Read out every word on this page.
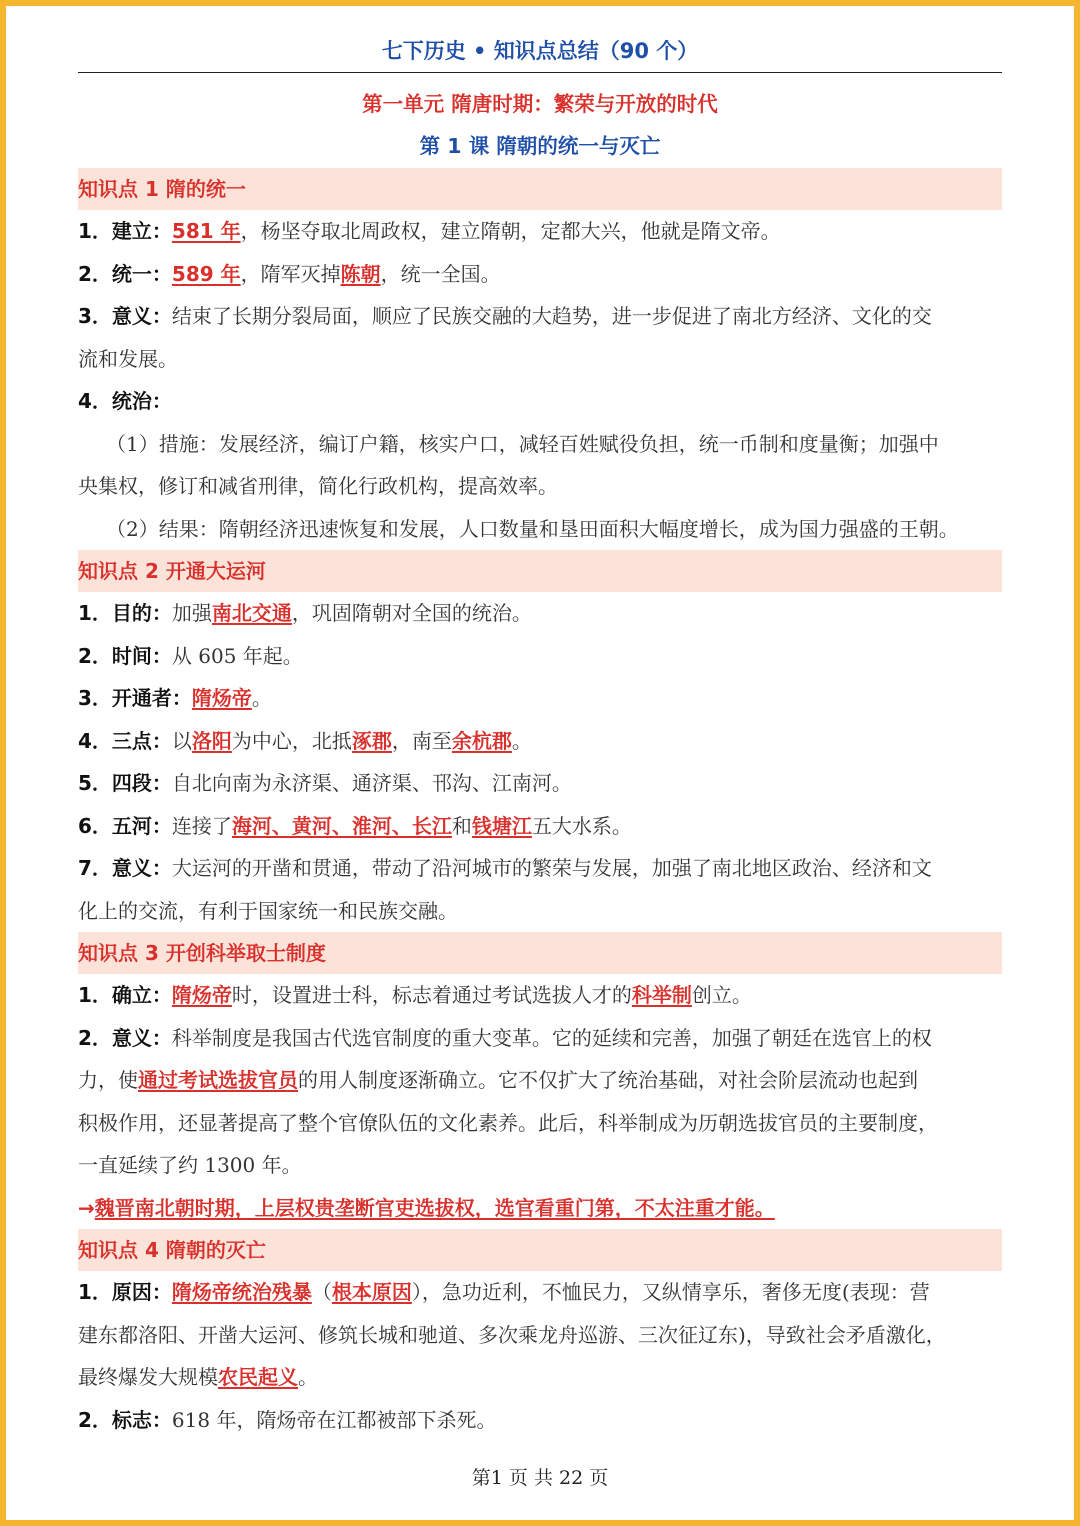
七下历史 • 知识点总结（90 个）
第一单元 隋唐时期：繁荣与开放的时代
第 1 课 隋朝的统一与灭亡
知识点 1 隋的统一
1．建立：581 年，杨坚夺取北周政权，建立隋朝，定都大兴，他就是隋文帝。
2．统一：589 年，隋军灭掉陈朝，统一全国。
3．意义：结束了长期分裂局面，顺应了民族交融的大趋势，进一步促进了南北方经济、文化的交
流和发展。
4．统治：
（1）措施：发展经济，编订户籍，核实户口，减轻百姓赋役负担，统一币制和度量衡；加强中
央集权，修订和减省刑律，简化行政机构，提高效率。
（2）结果：隋朝经济迅速恢复和发展，人口数量和垦田面积大幅度增长，成为国力强盛的王朝。
知识点 2 开通大运河
1．目的：加强南北交通，巩固隋朝对全国的统治。
2．时间：从 605 年起。
3．开通者：隋炀帝。
4．三点：以洛阳为中心，北抵涿郡，南至余杭郡。
5．四段：自北向南为永济渠、通济渠、邗沟、江南河。
6．五河：连接了海河、黄河、淮河、长江和钱塘江五大水系。
7．意义：大运河的开凿和贯通，带动了沿河城市的繁荣与发展，加强了南北地区政治、经济和文
化上的交流，有利于国家统一和民族交融。
知识点 3 开创科举取士制度
1．确立：隋炀帝时，设置进士科，标志着通过考试选拔人才的科举制创立。
2．意义：科举制度是我国古代选官制度的重大变革。它的延续和完善，加强了朝廷在选官上的权
力，使通过考试选拔官员的用人制度逐渐确立。它不仅扩大了统治基础，对社会阶层流动也起到
积极作用，还显著提高了整个官僚队伍的文化素养。此后，科举制成为历朝选拔官员的主要制度，
一直延续了约 1300 年。
→魏晋南北朝时期，上层权贵垄断官吏选拔权，选官看重门第，不太注重才能。
知识点 4 隋朝的灭亡
1．原因：隋炀帝统治残暴（根本原因），急功近利，不恤民力，又纵情享乐，奢侈无度(表现：营
建东都洛阳、开凿大运河、修筑长城和驰道、多次乘龙舟巡游、三次征辽东)，导致社会矛盾激化，
最终爆发大规模农民起义。
2．标志：618 年，隋炀帝在江都被部下杀死。
第1 页 共 22 页
